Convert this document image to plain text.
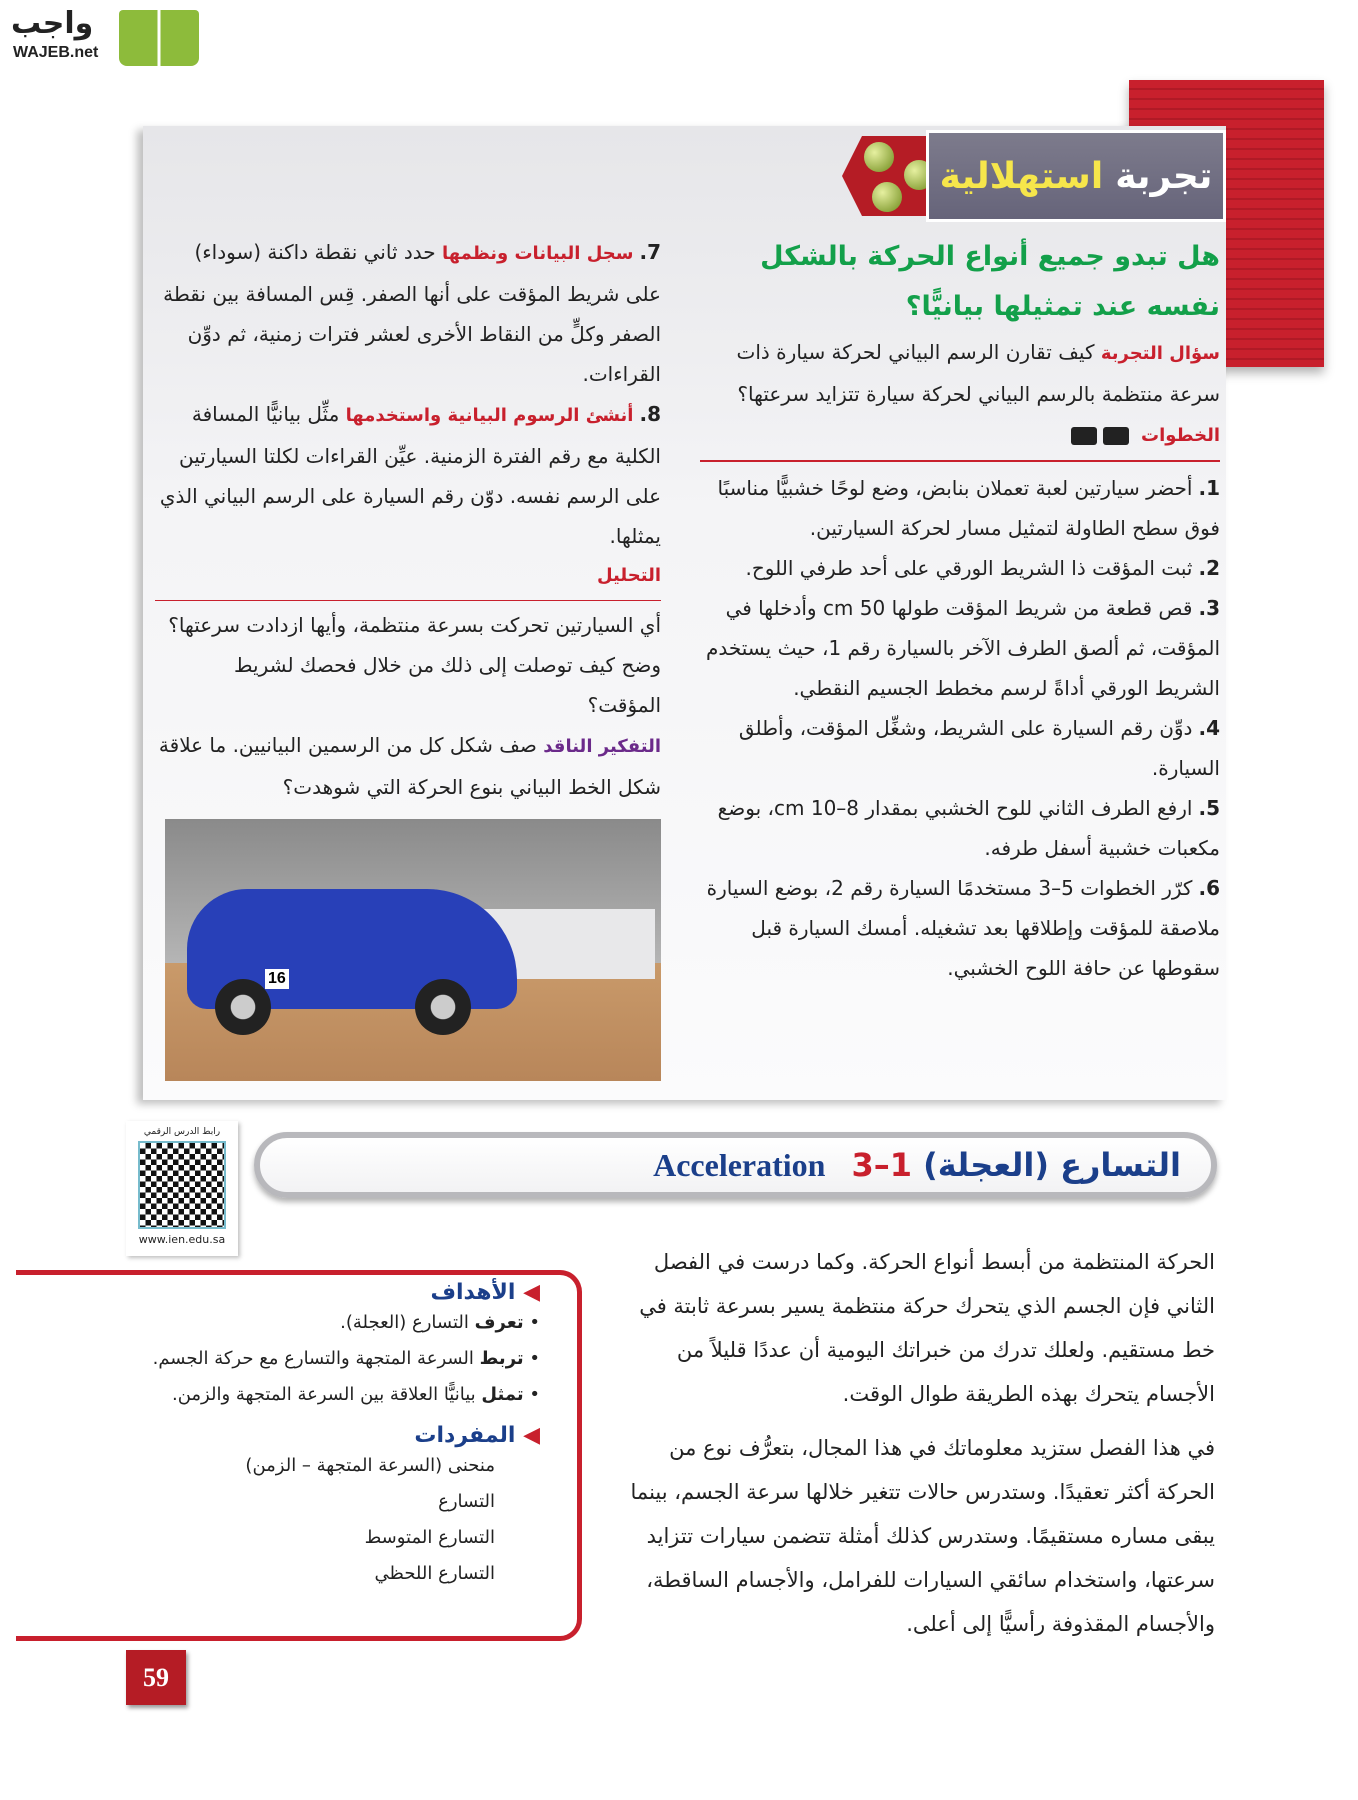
واجب
WAJEB.net
تجربة
استهلالية
هل تبدو جميع أنواع الحركة بالشكل نفسه عند تمثيلها بيانيًّا؟
سؤال التجربة كيف تقارن الرسم البياني لحركة سيارة ذات سرعة منتظمة بالرسم البياني لحركة سيارة تتزايد سرعتها؟
الخطوات
1.أحضر سيارتين لعبة تعملان بنابض، وضع لوحًا خشبيًّا مناسبًا فوق سطح الطاولة لتمثيل مسار لحركة السيارتين.
2.ثبت المؤقت ذا الشريط الورقي على أحد طرفي اللوح.
3.قص قطعة من شريط المؤقت طولها 50 cm وأدخلها في المؤقت، ثم ألصق الطرف الآخر بالسيارة رقم 1، حيث يستخدم الشريط الورقي أداةً لرسم مخطط الجسيم النقطي.
4.دوِّن رقم السيارة على الشريط، وشغِّل المؤقت، وأطلق السيارة.
5.ارفع الطرف الثاني للوح الخشبي بمقدار 8–10 cm، بوضع مكعبات خشبية أسفل طرفه.
6.كرّر الخطوات 5–3 مستخدمًا السيارة رقم 2، بوضع السيارة ملاصقة للمؤقت وإطلاقها بعد تشغيله. أمسك السيارة قبل سقوطها عن حافة اللوح الخشبي.
7.سجل البيانات ونظمها حدد ثاني نقطة داكنة (سوداء) على شريط المؤقت على أنها الصفر. قِس المسافة بين نقطة الصفر وكلٍّ من النقاط الأخرى لعشر فترات زمنية، ثم دوِّن القراءات.
8.أنشئ الرسوم البيانية واستخدمها مثِّل بيانيًّا المسافة الكلية مع رقم الفترة الزمنية. عيِّن القراءات لكلتا السيارتين على الرسم نفسه. دوّن رقم السيارة على الرسم البياني الذي يمثلها.
التحليل
أي السيارتين تحركت بسرعة منتظمة، وأيها ازدادت سرعتها؟ وضح كيف توصلت إلى ذلك من خلال فحصك لشريط المؤقت؟
التفكير الناقد صف شكل كل من الرسمين البيانيين. ما علاقة شكل الخط البياني بنوع الحركة التي شوهدت؟
16
رابط الدرس الرقمي
www.ien.edu.sa
Acceleration	التسارع (العجلة) 1–3
◀ الأهداف
• تعرف التسارع (العجلة).
• تربط السرعة المتجهة والتسارع مع حركة الجسم.
• تمثل بيانيًّا العلاقة بين السرعة المتجهة والزمن.
◀ المفردات
منحنى (السرعة المتجهة – الزمن)
التسارع
التسارع المتوسط
التسارع اللحظي

الحركة المنتظمة من أبسط أنواع الحركة. وكما درست في الفصل الثاني فإن الجسم الذي يتحرك حركة منتظمة يسير بسرعة ثابتة في خط مستقيم. ولعلك تدرك من خبراتك اليومية أن عددًا قليلاً من الأجسام يتحرك بهذه الطريقة طوال الوقت.

في هذا الفصل ستزيد معلوماتك في هذا المجال، بتعرُّف نوع من الحركة أكثر تعقيدًا. وستدرس حالات تتغير خلالها سرعة الجسم، بينما يبقى مساره مستقيمًا. وستدرس كذلك أمثلة تتضمن سيارات تتزايد سرعتها، واستخدام سائقي السيارات للفرامل، والأجسام الساقطة، والأجسام المقذوفة رأسيًّا إلى أعلى.

59
